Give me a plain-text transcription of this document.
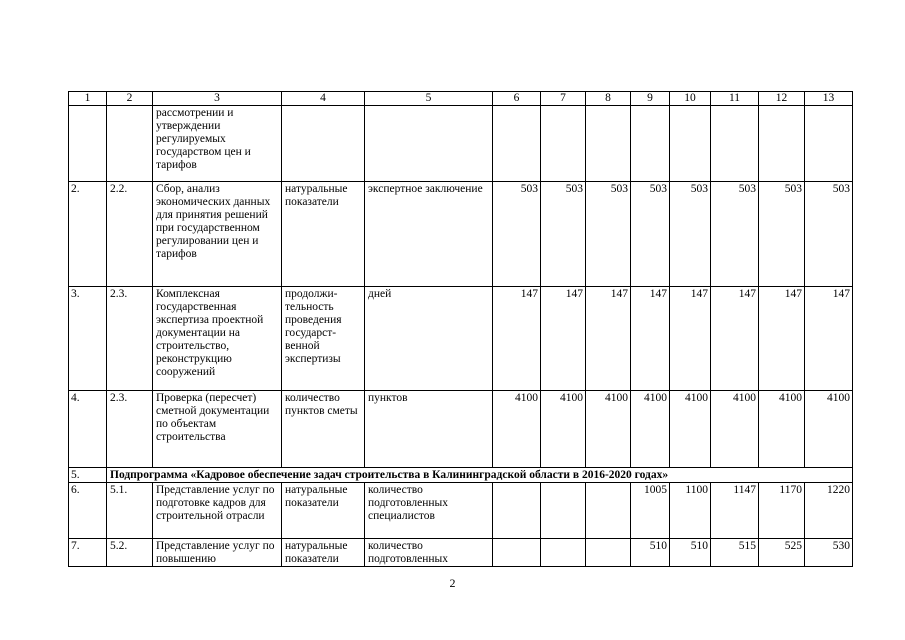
1	2	3	4	5	6	7	8	9	10	11	12	13
		рассмотрении и утверждении регулируемых государством цен и тарифов										
2.	2.2.	Сбор, анализ экономических данных для принятия решений при государственном регулировании цен и тарифов	натуральные показатели	экспертное заключение	503	503	503	503	503	503	503	503
3.	2.3.	Комплексная государственная экспертиза проектной документации на строительство, реконструкцию сооружений	продолжи-тельность проведения государст-венной экспертизы	дней	147	147	147	147	147	147	147	147
4.	2.3.	Проверка (пересчет) сметной документации по объектам строительства	количество пунктов сметы	пунктов	4100	4100	4100	4100	4100	4100	4100	4100
5.	Подпрограмма «Кадровое обеспечение задач строительства в Калининградской области в 2016-2020 годах»											
6.	5.1.	Представление услуг по подготовке кадров для строительной отрасли	натуральные показатели	количество подготовленных специалистов				1005	1100	1147	1170	1220
7.	5.2.	Представление услуг по повышению	натуральные показатели	количество подготовленных				510	510	515	525	530
2
